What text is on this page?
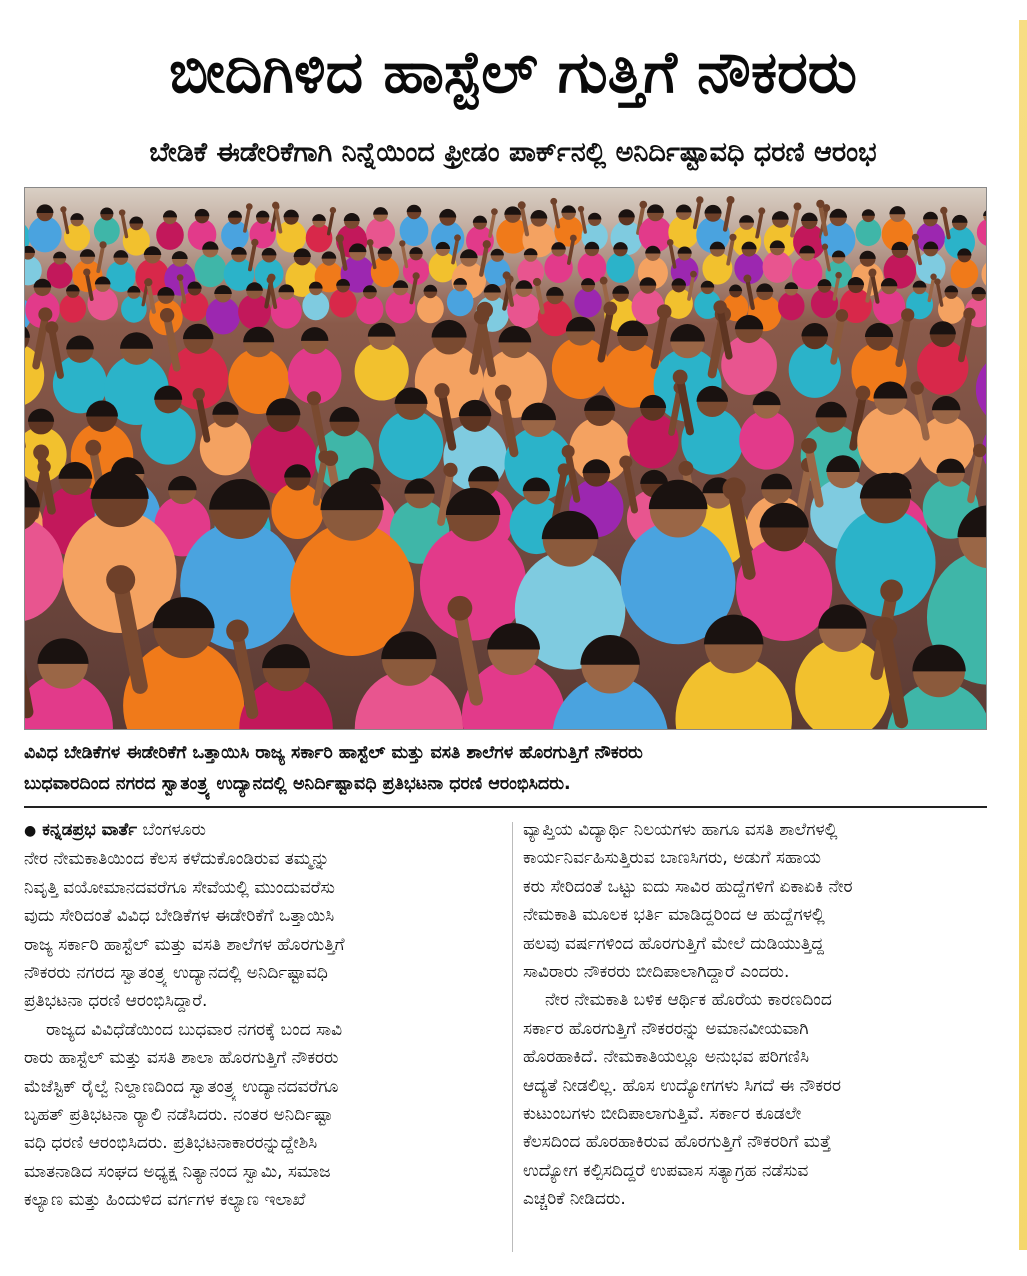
ಬೀದಿಗಿಳಿದ ಹಾಸ್ಟೆಲ್ ಗುತ್ತಿಗೆ ನೌಕರರು
ಬೇಡಿಕೆ ಈಡೇರಿಕೆಗಾಗಿ ನಿನ್ನೆಯಿಂದ ಫ್ರೀಡಂ ಪಾರ್ಕ್‌ನಲ್ಲಿ ಅನಿರ್ದಿಷ್ಟಾವಧಿ ಧರಣಿ ಆರಂಭ

ವಿವಿಧ ಬೇಡಿಕೆಗಳ ಈಡೇರಿಕೆಗೆ ಒತ್ತಾಯಿಸಿ ರಾಜ್ಯ ಸರ್ಕಾರಿ ಹಾಸ್ಟೆಲ್ ಮತ್ತು ವಸತಿ ಶಾಲೆಗಳ ಹೊರಗುತ್ತಿಗೆ ನೌಕರರು

ಬುಧವಾರದಿಂದ ನಗರದ ಸ್ವಾತಂತ್ರ್ಯ ಉದ್ಯಾನದಲ್ಲಿ ಅನಿರ್ದಿಷ್ಟಾವಧಿ ಪ್ರತಿಭಟನಾ ಧರಣಿ ಆರಂಭಿಸಿದರು.

● ಕನ್ನಡಪ್ರಭ ವಾರ್ತೆ ಬೆಂಗಳೂರು

ನೇರ ನೇಮಕಾತಿಯಿಂದ ಕೆಲಸ ಕಳೆದುಕೊಂಡಿರುವ ತಮ್ಮನ್ನು

ನಿವೃತ್ತಿ ವಯೋಮಾನದವರೆಗೂ ಸೇವೆಯಲ್ಲಿ ಮುಂದುವರೆಸು

ವುದು ಸೇರಿದಂತೆ ವಿವಿಧ ಬೇಡಿಕೆಗಳ ಈಡೇರಿಕೆಗೆ ಒತ್ತಾಯಿಸಿ

ರಾಜ್ಯ ಸರ್ಕಾರಿ ಹಾಸ್ಟೆಲ್ ಮತ್ತು ವಸತಿ ಶಾಲೆಗಳ ಹೊರಗುತ್ತಿಗೆ

ನೌಕರರು ನಗರದ ಸ್ವಾತಂತ್ರ್ಯ ಉದ್ಯಾನದಲ್ಲಿ ಅನಿರ್ದಿಷ್ಟಾವಧಿ

ಪ್ರತಿಭಟನಾ ಧರಣಿ ಆರಂಭಿಸಿದ್ದಾರೆ.

ರಾಜ್ಯದ ವಿವಿಧೆಡೆಯಿಂದ ಬುಧವಾರ ನಗರಕ್ಕೆ ಬಂದ ಸಾವಿ

ರಾರು ಹಾಸ್ಟೆಲ್ ಮತ್ತು ವಸತಿ ಶಾಲಾ ಹೊರಗುತ್ತಿಗೆ ನೌಕರರು

ಮೆಜೆಸ್ಟಿಕ್ ರೈಲ್ವೆ ನಿಲ್ದಾಣದಿಂದ ಸ್ವಾತಂತ್ರ್ಯ ಉದ್ಯಾನದವರೆಗೂ

ಬೃಹತ್ ಪ್ರತಿಭಟನಾ ರ‍್ಯಾಲಿ ನಡೆಸಿದರು. ನಂತರ ಅನಿರ್ದಿಷ್ಟಾ

ವಧಿ ಧರಣಿ ಆರಂಭಿಸಿದರು. ಪ್ರತಿಭಟನಾಕಾರರನ್ನುದ್ದೇಶಿಸಿ

ಮಾತನಾಡಿದ ಸಂಘದ ಅಧ್ಯಕ್ಷ ನಿತ್ಯಾನಂದ ಸ್ವಾಮಿ, ಸಮಾಜ

ಕಲ್ಯಾಣ ಮತ್ತು ಹಿಂದುಳಿದ ವರ್ಗಗಳ ಕಲ್ಯಾಣ ಇಲಾಖೆ

ವ್ಯಾಪ್ತಿಯ ವಿದ್ಯಾರ್ಥಿ ನಿಲಯಗಳು ಹಾಗೂ ವಸತಿ ಶಾಲೆಗಳಲ್ಲಿ

ಕಾರ್ಯನಿರ್ವಹಿಸುತ್ತಿರುವ ಬಾಣಸಿಗರು, ಅಡುಗೆ ಸಹಾಯ

ಕರು ಸೇರಿದಂತೆ ಒಟ್ಟು ಐದು ಸಾವಿರ ಹುದ್ದೆಗಳಿಗೆ ಏಕಾಏಕಿ ನೇರ

ನೇಮಕಾತಿ ಮೂಲಕ ಭರ್ತಿ ಮಾಡಿದ್ದರಿಂದ ಆ ಹುದ್ದೆಗಳಲ್ಲಿ

ಹಲವು ವರ್ಷಗಳಿಂದ ಹೊರಗುತ್ತಿಗೆ ಮೇಲೆ ದುಡಿಯುತ್ತಿದ್ದ

ಸಾವಿರಾರು ನೌಕರರು ಬೀದಿಪಾಲಾಗಿದ್ದಾರೆ ಎಂದರು.

ನೇರ ನೇಮಕಾತಿ ಬಳಿಕ ಆರ್ಥಿಕ ಹೊರೆಯ ಕಾರಣದಿಂದ

ಸರ್ಕಾರ ಹೊರಗುತ್ತಿಗೆ ನೌಕರರನ್ನು ಅಮಾನವೀಯವಾಗಿ

ಹೊರಹಾಕಿದೆ. ನೇಮಕಾತಿಯಲ್ಲೂ ಅನುಭವ ಪರಿಗಣಿಸಿ

ಆದ್ಯತೆ ನೀಡಲಿಲ್ಲ. ಹೊಸ ಉದ್ಯೋಗಗಳು ಸಿಗದೆ ಈ ನೌಕರರ

ಕುಟುಂಬಗಳು ಬೀದಿಪಾಲಾಗುತ್ತಿವೆ. ಸರ್ಕಾರ ಕೂಡಲೇ

ಕೆಲಸದಿಂದ ಹೊರಹಾಕಿರುವ ಹೊರಗುತ್ತಿಗೆ ನೌಕರರಿಗೆ ಮತ್ತೆ

ಉದ್ಯೋಗ ಕಲ್ಪಿಸದಿದ್ದರೆ ಉಪವಾಸ ಸತ್ಯಾಗ್ರಹ ನಡೆಸುವ

ಎಚ್ಚರಿಕೆ ನೀಡಿದರು.
